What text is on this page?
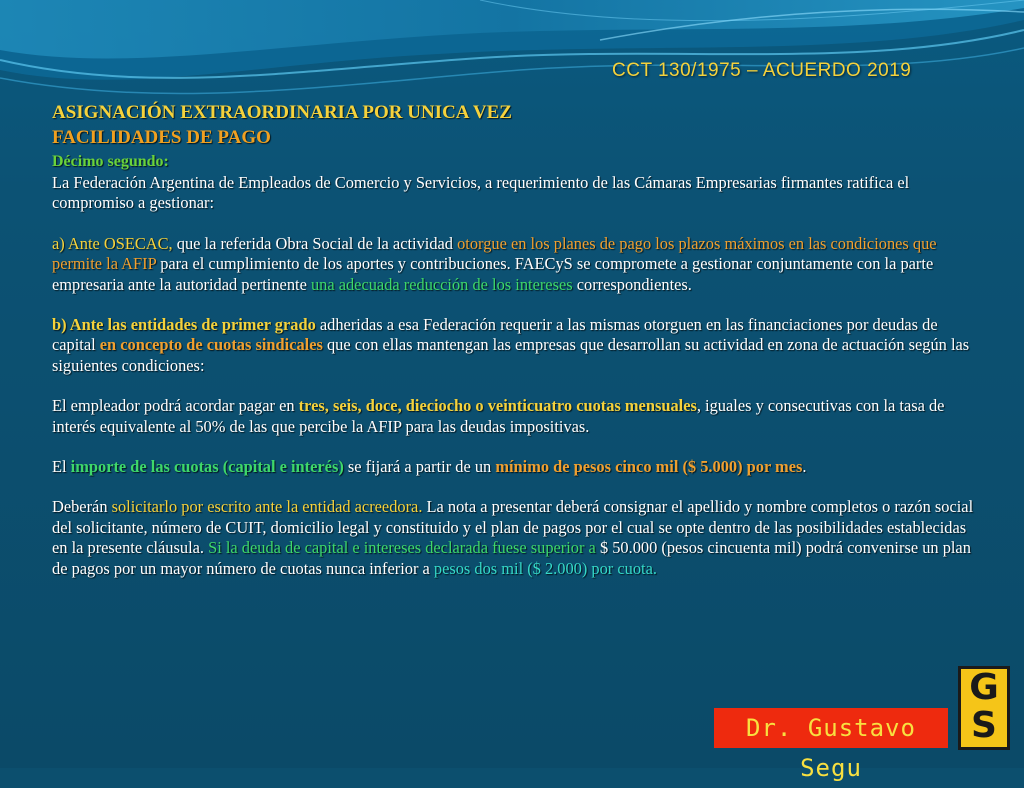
CCT 130/1975 – ACUERDO 2019
ASIGNACIÓN EXTRAORDINARIA POR UNICA VEZ
FACILIDADES DE PAGO
Décimo segundo:

La Federación Argentina de Empleados de Comercio y Servicios, a requerimiento de las Cámaras Empresarias firmantes ratifica el compromiso a gestionar:

a) Ante OSECAC, que la referida Obra Social de la actividad otorgue en los planes de pago los plazos máximos en las condiciones que permite la AFIP para el cumplimiento de los aportes y contribuciones. FAECyS se compromete a gestionar conjuntamente con la parte empresaria ante la autoridad pertinente una adecuada reducción de los intereses correspondientes.

b) Ante las entidades de primer grado adheridas a esa Federación requerir a las mismas otorguen en las financiaciones por deudas de capital en concepto de cuotas sindicales que con ellas mantengan las empresas que desarrollan su actividad en zona de actuación según las siguientes condiciones:

El empleador podrá acordar pagar en tres, seis, doce, dieciocho o veinticuatro cuotas mensuales, iguales y consecutivas con la tasa de interés equivalente al 50% de las que percibe la AFIP para las deudas impositivas.

El importe de las cuotas (capital e interés) se fijará a partir de un mínimo de pesos cinco mil ($ 5.000) por mes.

Deberán solicitarlo por escrito ante la entidad acreedora. La nota a presentar deberá consignar el apellido y nombre completos o razón social del solicitante, número de CUIT, domicilio legal y constituido y el plan de pagos por el cual se opte dentro de las posibilidades establecidas en la presente cláusula. Si la deuda de capital e intereses declarada fuese superior a $ 50.000 (pesos cincuenta mil) podrá convenirse un plan de pagos por un mayor número de cuotas nunca inferior a pesos dos mil ($ 2.000) por cuota.

Dr. Gustavo Segu
G
S
